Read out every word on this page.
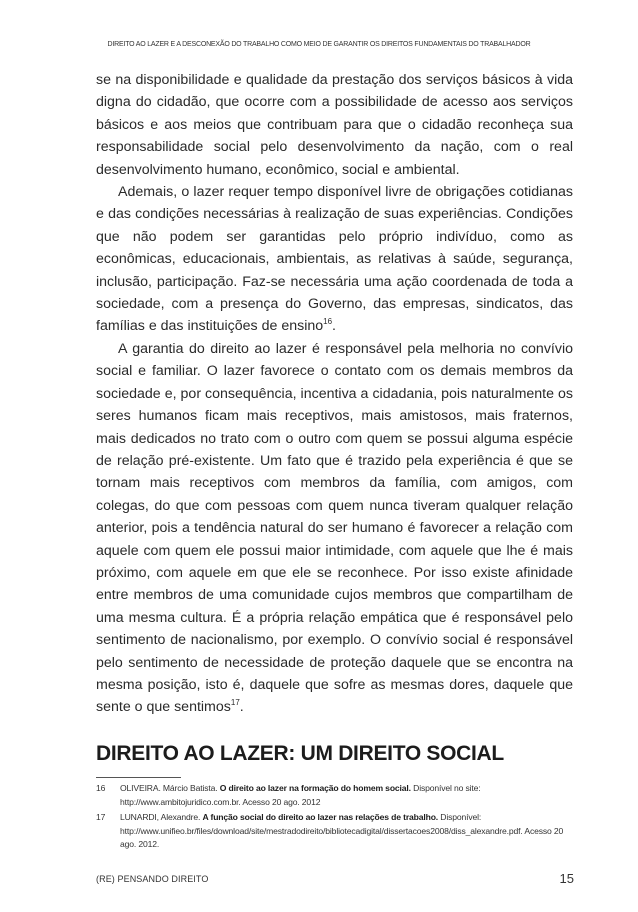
DIREITO AO LAZER E A DESCONEXÃO DO TRABALHO COMO MEIO DE GARANTIR OS DIREITOS FUNDAMENTAIS DO TRABALHADOR

se na disponibilidade e qualidade da prestação dos serviços básicos à vida digna do cidadão, que ocorre com a possibilidade de acesso aos serviços básicos e aos meios que contribuam para que o cidadão reconheça sua responsabilidade social pelo desenvolvimento da nação, com o real desenvolvimento humano, econômico, social e ambiental.

Ademais, o lazer requer tempo disponível livre de obrigações cotidianas e das condições necessárias à realização de suas experiências. Condições que não podem ser garantidas pelo próprio indivíduo, como as econômicas, educacionais, ambientais, as relativas à saúde, segurança, inclusão, participação. Faz-se necessária uma ação coordenada de toda a sociedade, com a presença do Governo, das empresas, sindicatos, das famílias e das instituições de ensino$^{16}$.

A garantia do direito ao lazer é responsável pela melhoria no convívio social e familiar. O lazer favorece o contato com os demais membros da sociedade e, por consequência, incentiva a cidadania, pois naturalmente os seres humanos ficam mais receptivos, mais amistosos, mais fraternos, mais dedicados no trato com o outro com quem se possui alguma espécie de relação pré-existente. Um fato que é trazido pela experiência é que se tornam mais receptivos com membros da família, com amigos, com colegas, do que com pessoas com quem nunca tiveram qualquer relação anterior, pois a tendência natural do ser humano é favorecer a relação com aquele com quem ele possui maior intimidade, com aquele que lhe é mais próximo, com aquele em que ele se reconhece. Por isso existe afinidade entre membros de uma comunidade cujos membros que compartilham de uma mesma cultura. É a própria relação empática que é responsável pelo sentimento de nacionalismo, por exemplo. O convívio social é responsável pelo sentimento de necessidade de proteção daquele que se encontra na mesma posição, isto é, daquele que sofre as mesmas dores, daquele que sente o que sentimos$^{17}$.

DIREITO AO LAZER: UM DIREITO SOCIAL
16 OLIVEIRA. Márcio Batista. O direito ao lazer na formação do homem social. Disponível no site: http://www.ambitojuridico.com.br. Acesso 20 ago. 2012
17 LUNARDI, Alexandre. A função social do direito ao lazer nas relações de trabalho. Disponível: http://www.unifieo.br/files/download/site/mestradodireito/bibliotecadigital/dissertacoes2008/diss_alexandre.pdf. Acesso 20 ago. 2012.
(RE) PENSANDO DIREITO	15
